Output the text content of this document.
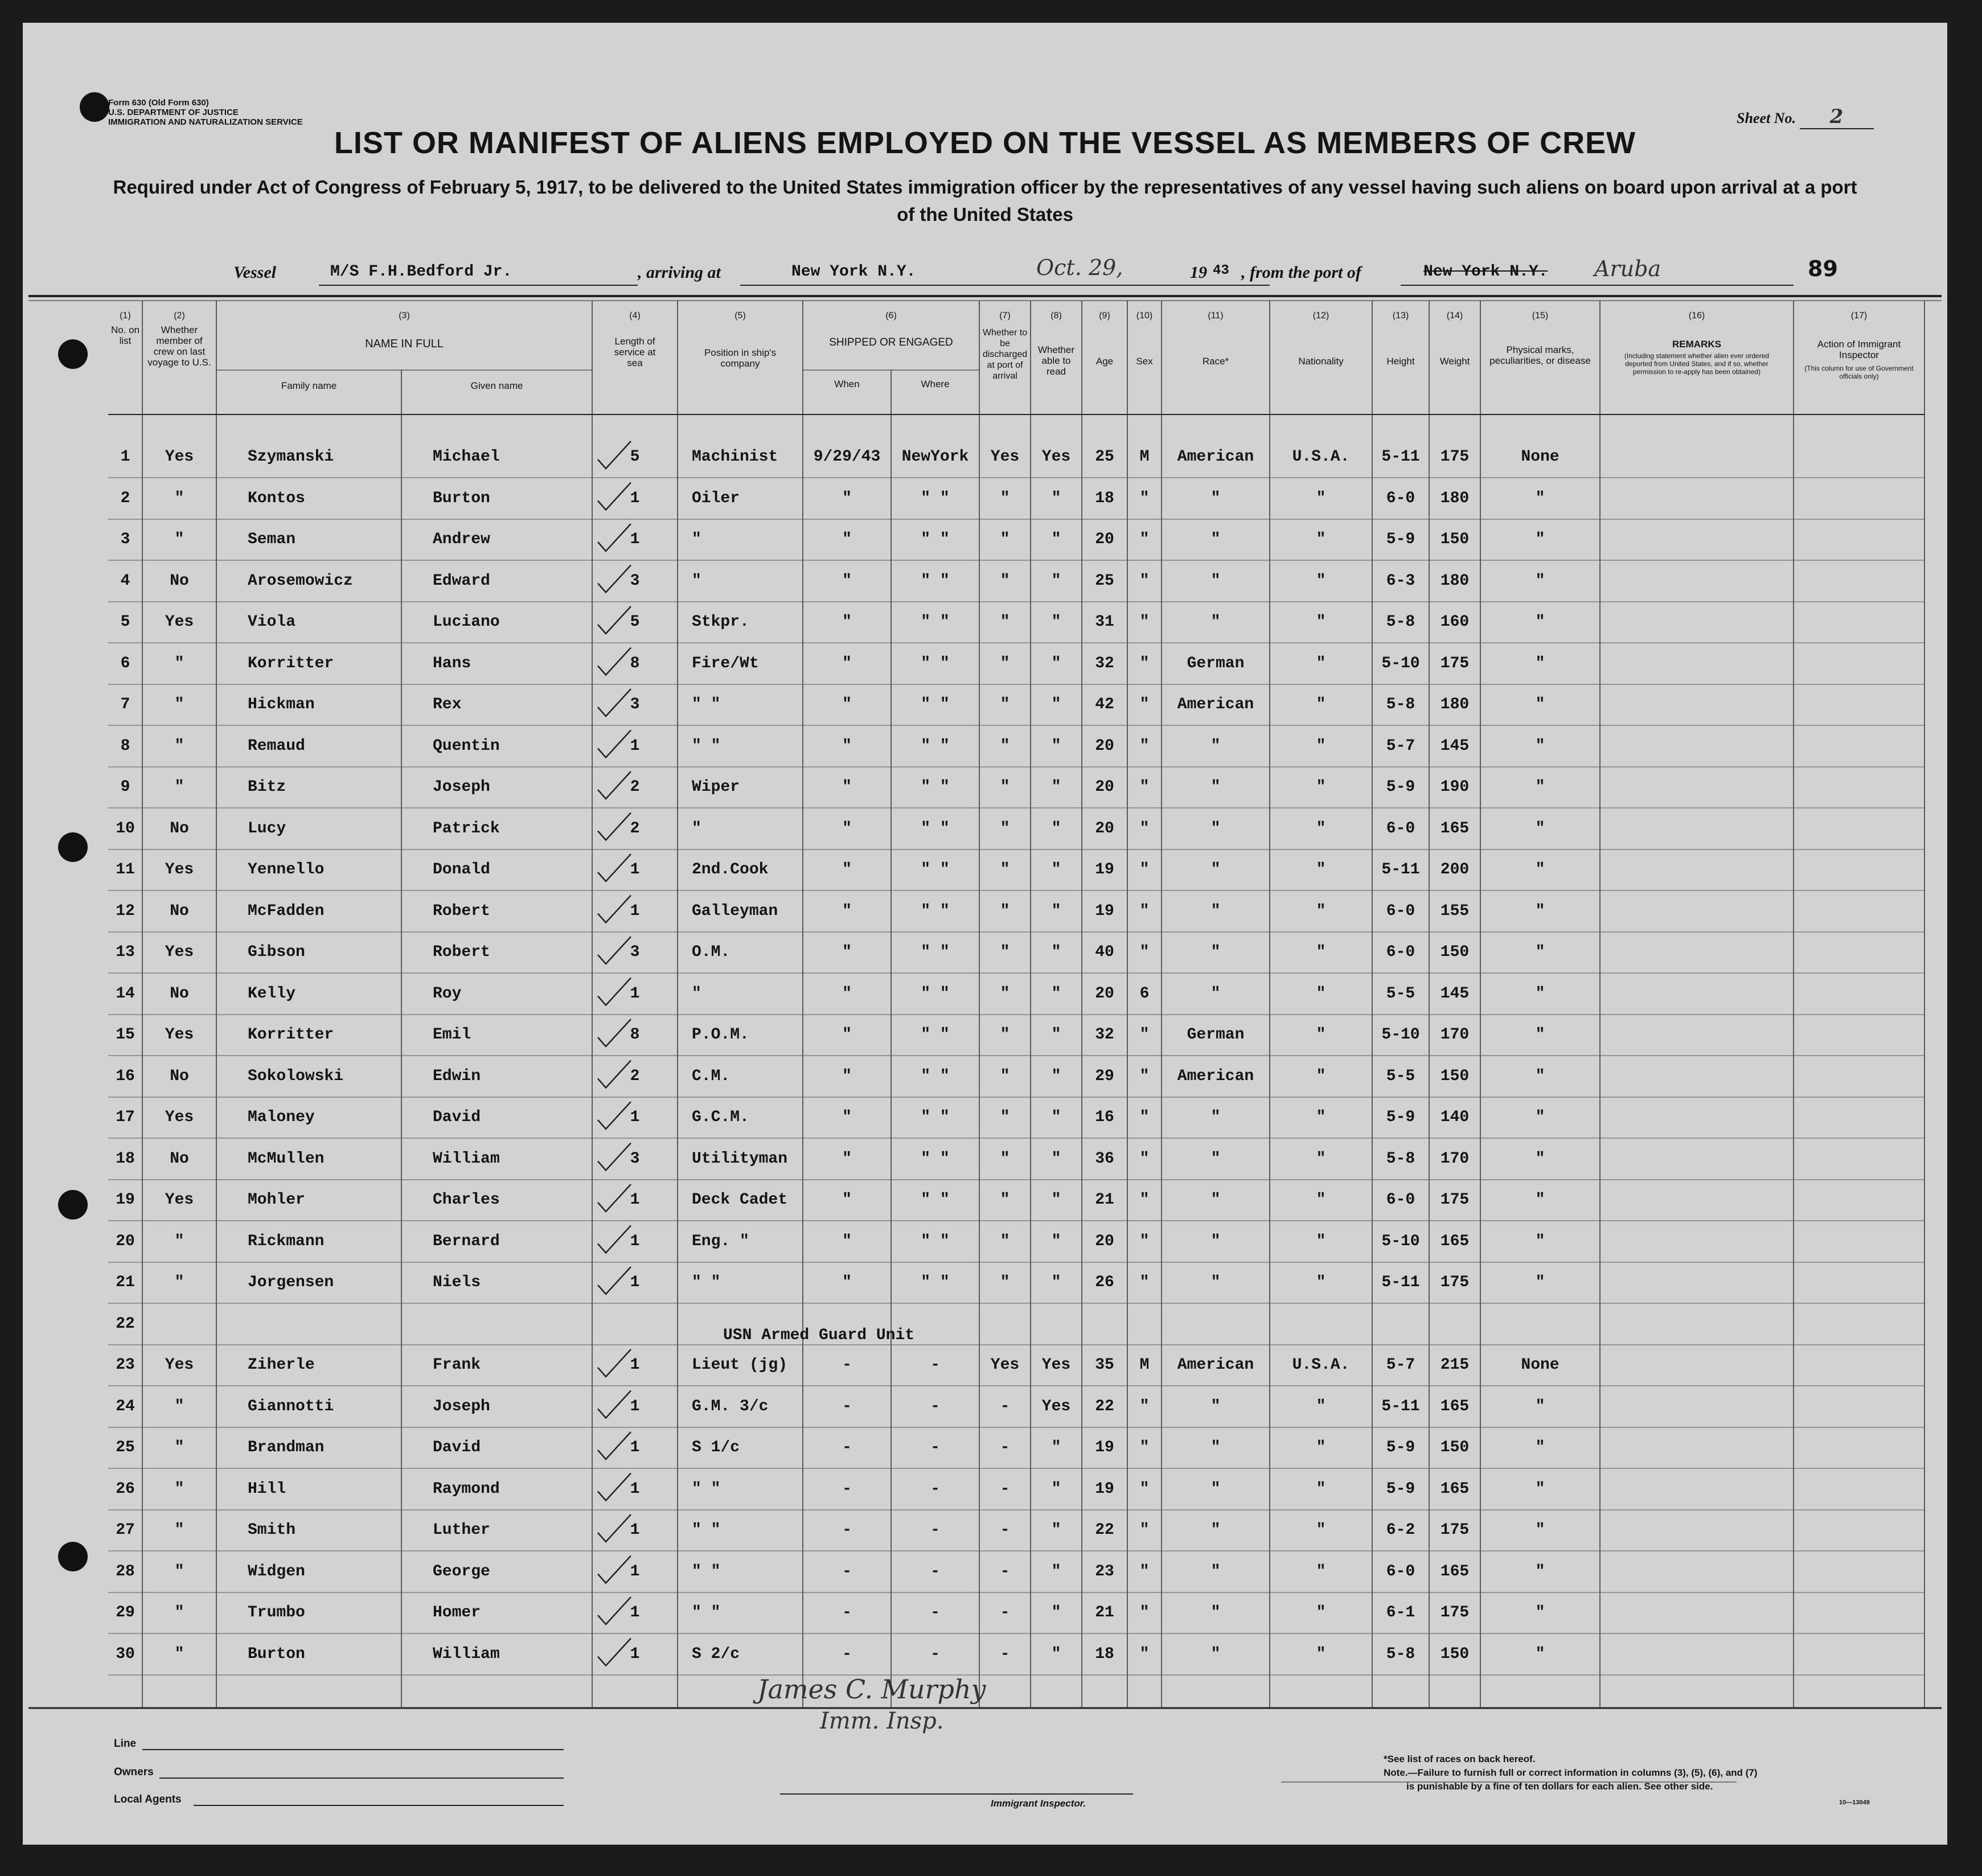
Form 630 (Old Form 630)
U.S. DEPARTMENT OF JUSTICE
IMMIGRATION AND NATURALIZATION SERVICE	Sheet No. 2
LIST OR MANIFEST OF ALIENS EMPLOYED ON THE VESSEL AS MEMBERS OF CREW
Required under Act of Congress of February 5, 1917, to be delivered to the United States immigration officer by the representatives of any vessel having such aliens on board upon arrival at a port of the United States
Vessel	M/S F.H.Bedford Jr.	, arriving at	New York N.Y.	Oct. 29,	19 43 , from the port of	New York N.Y. Aruba	89
(1)
No. on list
(2)
Whether member of crew on last voyage to U.S.
(3)
NAME IN FULL
Family name	Given name
(4)
Length of service at sea
(5)
Position in ship's company
(6)
SHIPPED OR ENGAGED
When	Where
(7)
Whether to be discharged at port of arrival
(8)
Whether able to read
(9)
Age
(10)
Sex
(11)
Race*
(12)
Nationality
(13)
Height
(14)
Weight
(15)
Physical marks, peculiarities, or disease
(16)
REMARKS
(Including statement whether alien ever ordered deported from United States, and if so, whether permission to re-apply has been obtained)
(17)
Action of Immigrant Inspector
(This column for use of Government officials only)
1	Yes	Szymanski	Michael	5	Machinist	9/29/43	NewYork	Yes	Yes	25	M	American	U.S.A.	5-11	175	None
2	"	Kontos	Burton	1	Oiler	"	" "	"	"	18	"	"	"	6-0	180	"
3	"	Seman	Andrew	1	"	"	" "	"	"	20	"	"	"	5-9	150	"
4	No	Arosemowicz	Edward	3	"	"	" "	"	"	25	"	"	"	6-3	180	"
5	Yes	Viola	Luciano	5	Stkpr.	"	" "	"	"	31	"	"	"	5-8	160	"
6	"	Korritter	Hans	8	Fire/Wt	"	" "	"	"	32	"	German	"	5-10	175	"
7	"	Hickman	Rex	3	" "	"	" "	"	"	42	"	American	"	5-8	180	"
8	"	Remaud	Quentin	1	" "	"	" "	"	"	20	"	"	"	5-7	145	"
9	"	Bitz	Joseph	2	Wiper	"	" "	"	"	20	"	"	"	5-9	190	"
10	No	Lucy	Patrick	2	"	"	" "	"	"	20	"	"	"	6-0	165	"
11	Yes	Yennello	Donald	1	2nd.Cook	"	" "	"	"	19	"	"	"	5-11	200	"
12	No	McFadden	Robert	1	Galleyman	"	" "	"	"	19	"	"	"	6-0	155	"
13	Yes	Gibson	Robert	3	O.M.	"	" "	"	"	40	"	"	"	6-0	150	"
14	No	Kelly	Roy	1	"	"	" "	"	"	20	6	"	"	5-5	145	"
15	Yes	Korritter	Emil	8	P.O.M.	"	" "	"	"	32	"	German	"	5-10	170	"
16	No	Sokolowski	Edwin	2	C.M.	"	" "	"	"	29	"	American	"	5-5	150	"
17	Yes	Maloney	David	1	G.C.M.	"	" "	"	"	16	"	"	"	5-9	140	"
18	No	McMullen	William	3	Utilityman	"	" "	"	"	36	"	"	"	5-8	170	"
19	Yes	Mohler	Charles	1	Deck Cadet	"	" "	"	"	21	"	"	"	6-0	175	"
20	"	Rickmann	Bernard	1	Eng. "	"	" "	"	"	20	"	"	"	5-10	165	"
21	"	Jorgensen	Niels	1	" "	"	" "	"	"	26	"	"	"	5-11	175	"
22
23	Yes	Ziherle	Frank	1	Lieut (jg)	-	-	Yes	Yes	35	M	American	U.S.A.	5-7	215	None
24	"	Giannotti	Joseph	1	G.M. 3/c	-	-	-	Yes	22	"	"	"	5-11	165	"
25	"	Brandman	David	1	S 1/c	-	-	-	"	19	"	"	"	5-9	150	"
26	"	Hill	Raymond	1	" "	-	-	-	"	19	"	"	"	5-9	165	"
27	"	Smith	Luther	1	" "	-	-	-	"	22	"	"	"	6-2	175	"
28	"	Widgen	George	1	" "	-	-	-	"	23	"	"	"	6-0	165	"
29	"	Trumbo	Homer	1	" "	-	-	-	"	21	"	"	"	6-1	175	"
30	"	Burton	William	1	S 2/c	-	-	-	"	18	"	"	"	5-8	150	"
USN Armed Guard Unit
Line
Owners
Local Agents
James C. Murphy
Imm. Insp.
Immigrant Inspector.
*See list of races on back hereof.
Note.—Failure to furnish full or correct information in columns (3), (5), (6), and (7)
is punishable by a fine of ten dollars for each alien. See other side.
10—13049
